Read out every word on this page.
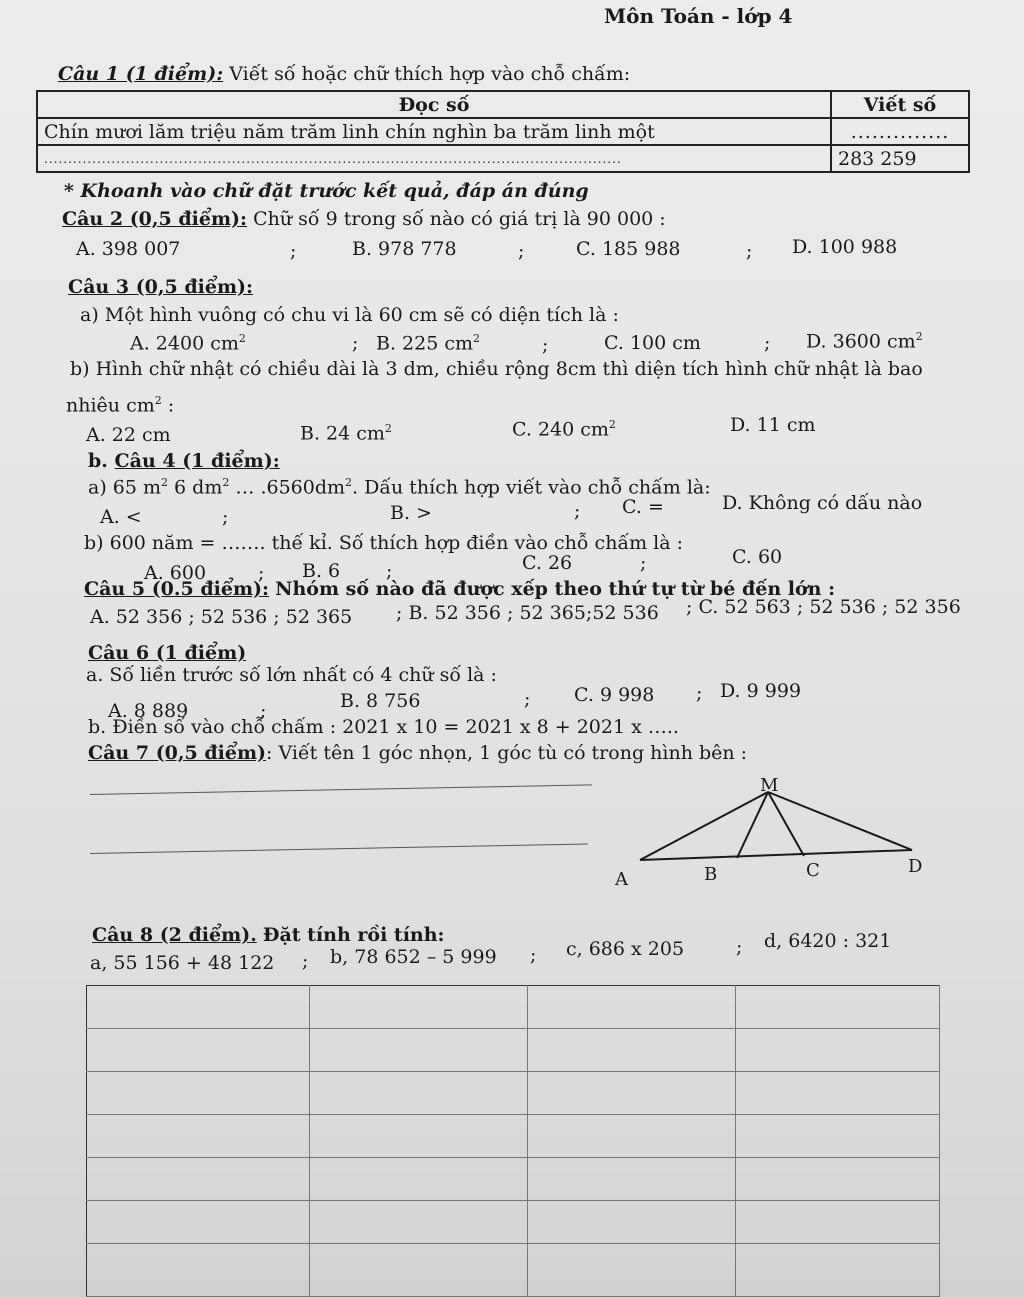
Môn Toán - lớp 4
Câu 1 (1 điểm): Viết số hoặc chữ thích hợp vào chỗ chấm:
Đọc số	Viết số
Chín mươi lăm triệu năm trăm linh chín nghìn ba trăm linh một	..............
........................................................................................................................	283 259
* Khoanh vào chữ đặt trước kết quả, đáp án đúng
Câu 2 (0,5 điểm): Chữ số 9 trong số nào có giá trị là 90 000 :
A. 398 007	;	B. 978 778	;	C. 185 988	; D. 100 988
Câu 3 (0,5 điểm):
a) Một hình vuông có chu vi là 60 cm sẽ có diện tích là :
A. 2400 $cm^2$	; B. 225 $cm^2$	;	C. 100 cm	; D. 3600 $cm^2$
b) Hình chữ nhật có chiều dài là 3 dm, chiều rộng 8cm thì diện tích hình chữ nhật là bao
nhiêu $cm^2$ :
A. 22 cm	B. 24 $cm^2$	C. 240 $cm^2$	D. 11 cm
b. Câu 4 (1 điểm):
a) 65 $m^2$ 6 $dm^2$ … $.6560dm^2$. Dấu thích hợp viết vào chỗ chấm là:
A. <	;	B. >	; C. =	D. Không có dấu nào
b) 600 năm = ……. thế kỉ. Số thích hợp điền vào chỗ chấm là :
A. 600	; B. 6 ;	C. 26	;	C. 60
Câu 5 (0.5 điểm): Nhóm số nào đã được xếp theo thứ tự từ bé đến lớn :
A. 52 356 ; 52 536 ; 52 365 ; B. 52 356 ; 52 365;52 536 ; C. 52 563 ; 52 536 ; 52 356
Câu 6 (1 điểm)
a. Số liền trước số lớn nhất có 4 chữ số là :
A. 8 889	;	B. 8 756	; C. 9 998 ; D. 9 999
b. Điền số vào chỗ chấm : 2021 x 10 = 2021 x 8 + 2021 x …..
Câu 7 (0,5 điểm): Viết tên 1 góc nhọn, 1 góc tù có trong hình bên :
A	B	C	D
M
Câu 8 (2 điểm). Đặt tính rồi tính:
a, 55 156 + 48 122 ; b, 78 652 – 5 999 ; c, 686 x 205	; d, 6420 : 321
